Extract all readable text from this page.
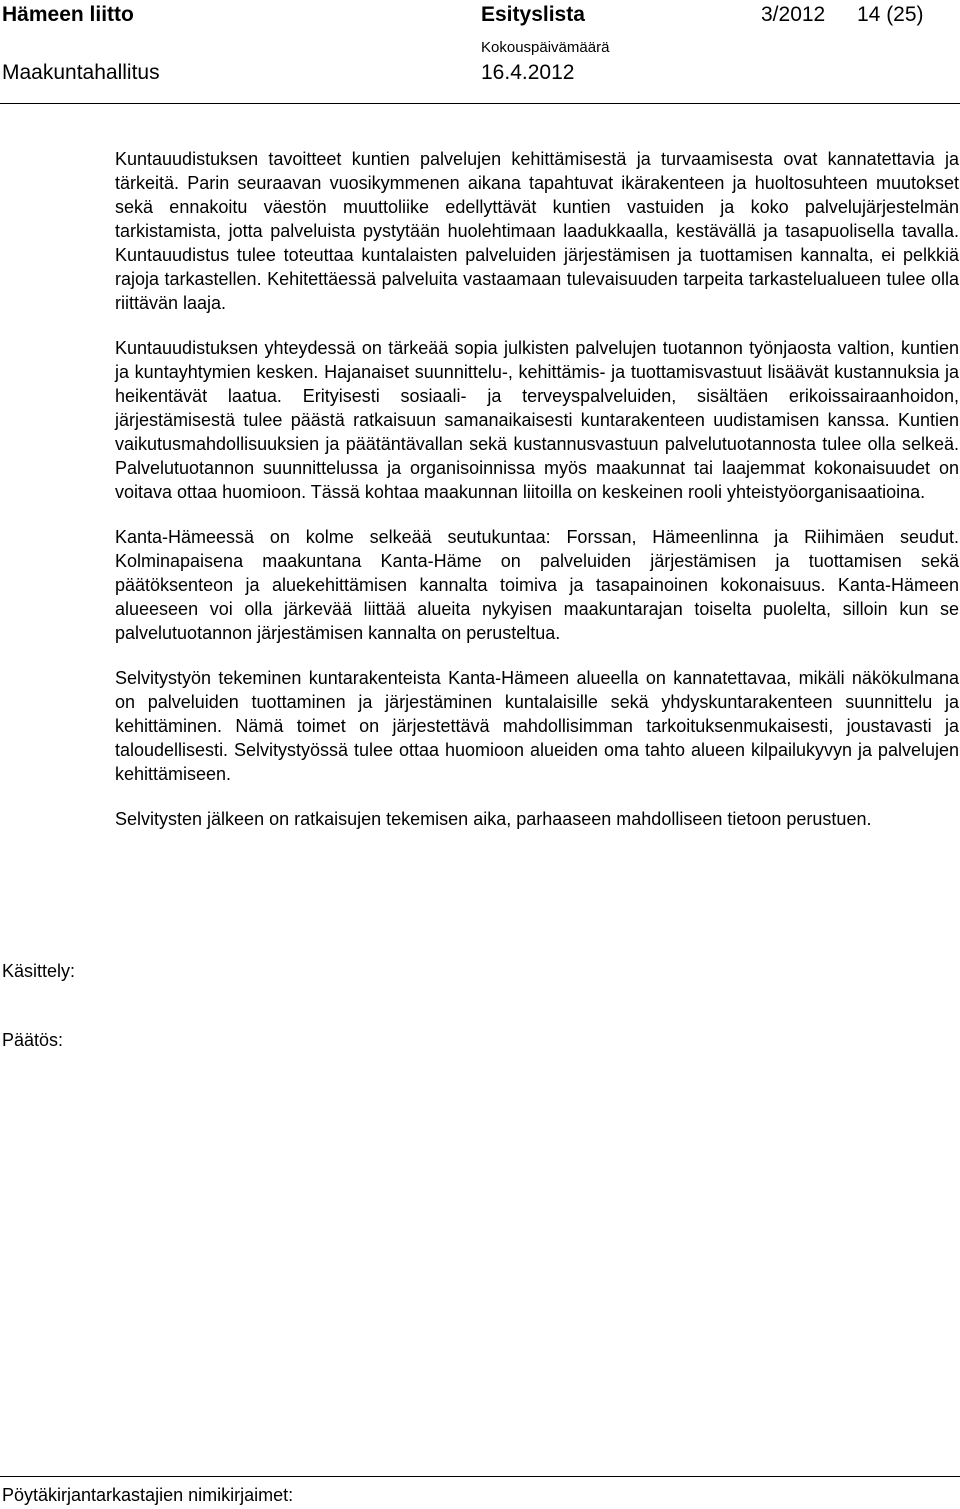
Hämeen liitto	Esityslista	3/2012 14 (25)
Kokouspäivämäärä
Maakuntahallitus	16.4.2012

Kuntauudistuksen tavoitteet kuntien palvelujen kehittämisestä ja turvaamisesta ovat kannatettavia ja tärkeitä. Parin seuraavan vuosikymmenen aikana tapahtuvat ikärakenteen ja huoltosuhteen muutokset sekä ennakoitu väestön muuttoliike edellyttävät kuntien vastuiden ja koko palvelujärjestelmän tarkistamista, jotta palveluista pystytään huolehtimaan laadukkaalla, kestävällä ja tasapuolisella tavalla. Kuntauudistus tulee toteuttaa kuntalaisten palveluiden järjestämisen ja tuottamisen kannalta, ei pelkkiä rajoja tarkastellen. Kehitettäessä palveluita vastaamaan tulevaisuuden tarpeita tarkastelualueen tulee olla riittävän laaja.

Kuntauudistuksen yhteydessä on tärkeää sopia julkisten palvelujen tuotannon työnjaosta valtion, kuntien ja kuntayhtymien kesken. Hajanaiset suunnittelu-, kehittämis- ja tuottamisvastuut lisäävät kustannuksia ja heikentävät laatua. Erityisesti sosiaali- ja terveyspalveluiden, sisältäen erikoissairaanhoidon, järjestämisestä tulee päästä ratkaisuun samanaikaisesti kuntarakenteen uudistamisen kanssa. Kuntien vaikutusmahdollisuuksien ja päätäntävallan sekä kustannusvastuun palvelutuotannosta tulee olla selkeä. Palvelutuotannon suunnittelussa ja organisoinnissa myös maakunnat tai laajemmat kokonaisuudet on voitava ottaa huomioon. Tässä kohtaa maakunnan liitoilla on keskeinen rooli yhteistyöorganisaatioina.

Kanta-Hämeessä on kolme selkeää seutukuntaa: Forssan, Hämeenlinna ja Riihimäen seudut. Kolminapaisena maakuntana Kanta-Häme on palveluiden järjestämisen ja tuottamisen sekä päätöksenteon ja aluekehittämisen kannalta toimiva ja tasapainoinen kokonaisuus. Kanta-Hämeen alueeseen voi olla järkevää liittää alueita nykyisen maakuntarajan toiselta puolelta, silloin kun se palvelutuotannon järjestämisen kannalta on perusteltua.

Selvitystyön tekeminen kuntarakenteista Kanta-Hämeen alueella on kannatettavaa, mikäli näkökulmana on palveluiden tuottaminen ja järjestäminen kuntalaisille sekä yhdyskuntarakenteen suunnittelu ja kehittäminen. Nämä toimet on järjestettävä mahdollisimman tarkoituksenmukaisesti, joustavasti ja taloudellisesti. Selvitystyössä tulee ottaa huomioon alueiden oma tahto alueen kilpailukyvyn ja palvelujen kehittämiseen.

Selvitysten jälkeen on ratkaisujen tekemisen aika, parhaaseen mahdolliseen tietoon perustuen.

Käsittely:
Päätös:
Pöytäkirjantarkastajien nimikirjaimet:
